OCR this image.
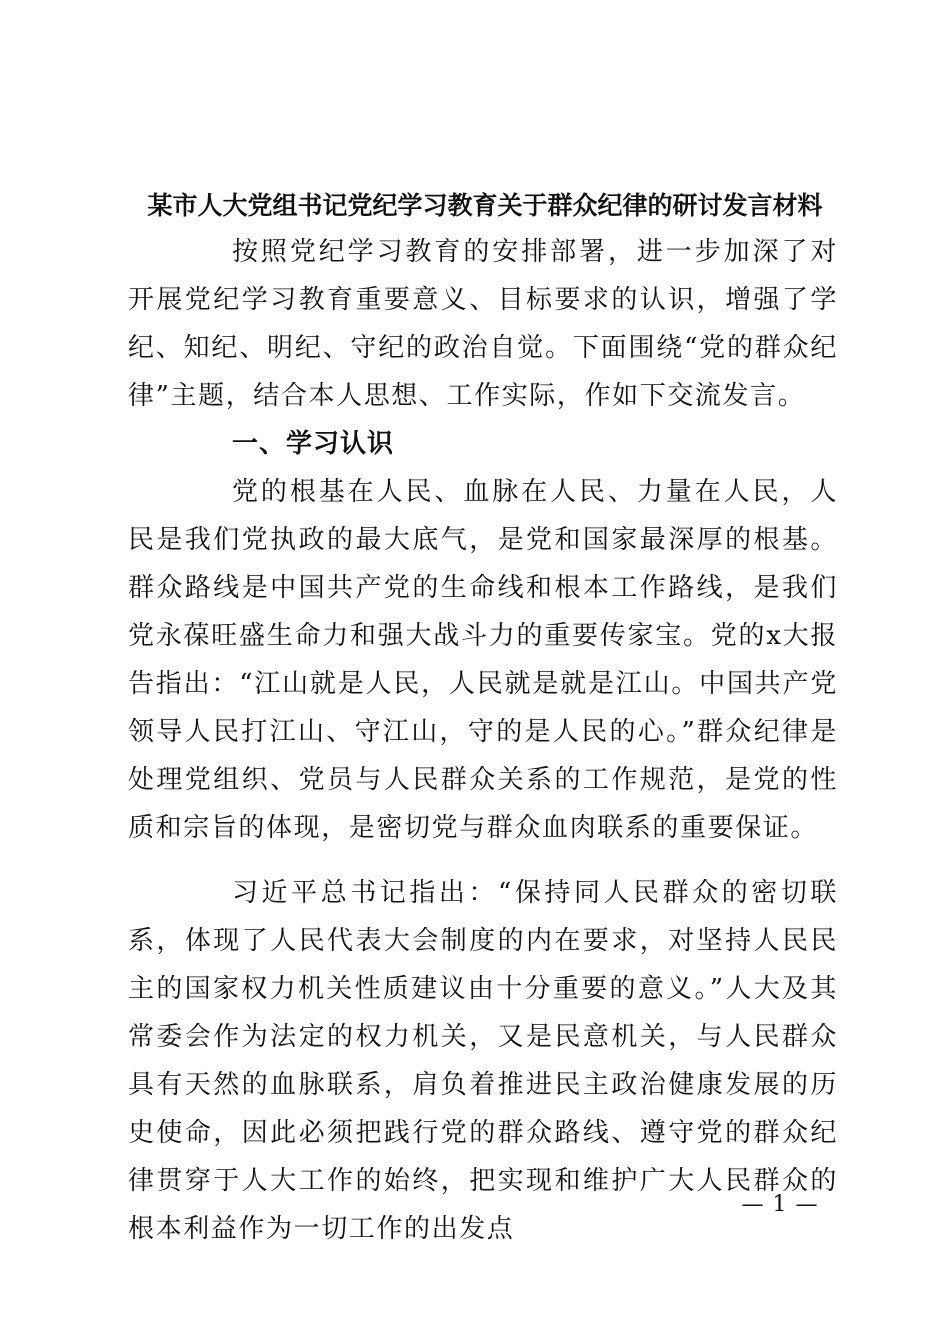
某市人大党组书记党纪学习教育关于群众纪律的研讨发言材料

按照党纪学习教育的安排部署，进一步加深了对开展党纪学习教育重要意义、目标要求的认识，增强了学纪、知纪、明纪、守纪的政治自觉。下面围绕“党的群众纪律”主题，结合本人思想、工作实际，作如下交流发言。

一、学习认识

党的根基在人民、血脉在人民、力量在人民，人民是我们党执政的最大底气，是党和国家最深厚的根基。群众路线是中国共产党的生命线和根本工作路线，是我们党永葆旺盛生命力和强大战斗力的重要传家宝。党的x大报告指出：“江山就是人民，人民就是就是江山。中国共产党领导人民打江山、守江山，守的是人民的心。”群众纪律是处理党组织、党员与人民群众关系的工作规范，是党的性质和宗旨的体现，是密切党与群众血肉联系的重要保证。

习近平总书记指出：“保持同人民群众的密切联系，体现了人民代表大会制度的内在要求，对坚持人民民主的国家权力机关性质建议由十分重要的意义。”人大及其常委会作为法定的权力机关，又是民意机关，与人民群众具有天然的血脉联系，肩负着推进民主政治健康发展的历史使命，因此必须把践行党的群众路线、遵守党的群众纪律贯穿于人大工作的始终，把实现和维护广大人民群众的根本利益作为一切工作的出发点

— 1 —
